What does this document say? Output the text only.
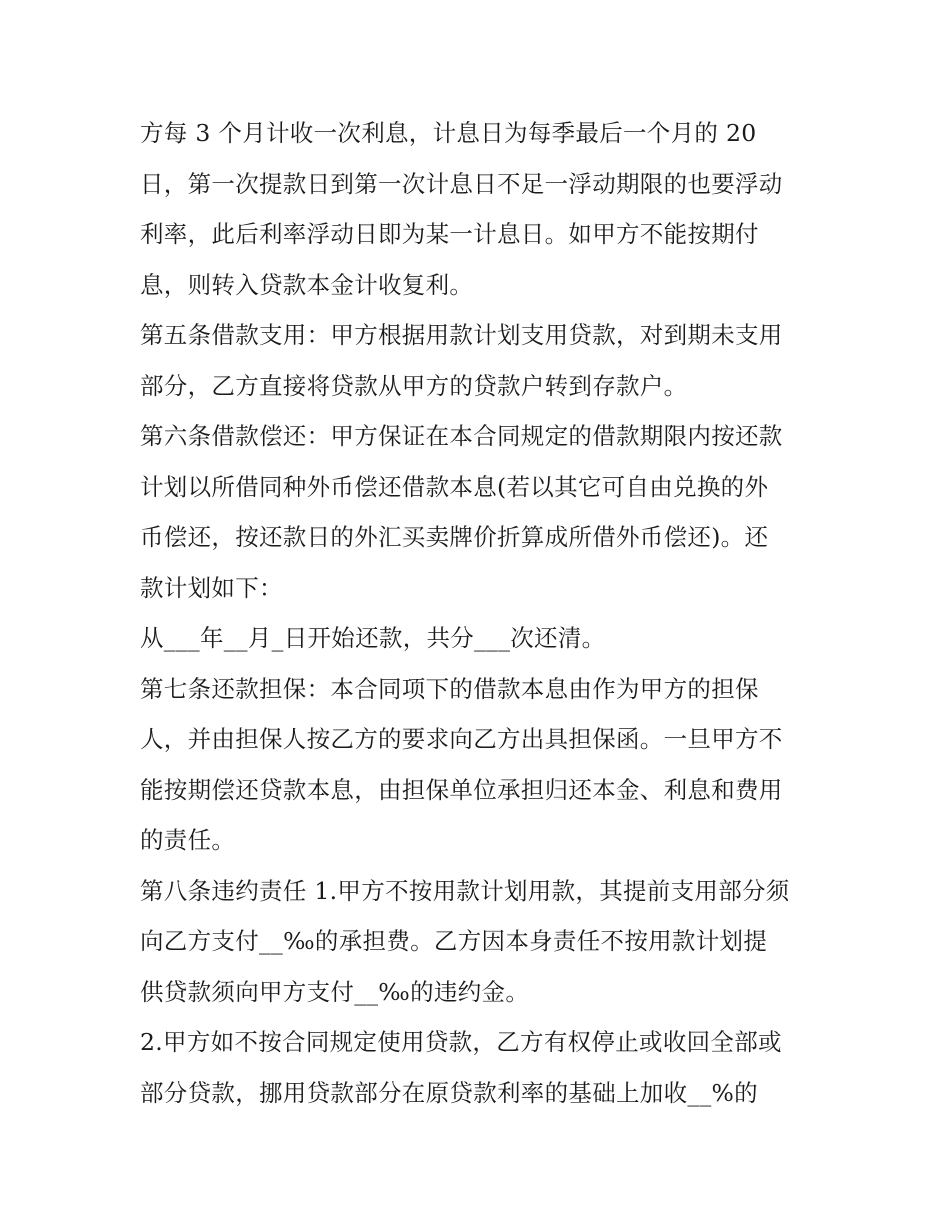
方每 3 个月计收一次利息，计息日为每季最后一个月的 20
日，第一次提款日到第一次计息日不足一浮动期限的也要浮动
利率，此后利率浮动日即为某一计息日。如甲方不能按期付
息，则转入贷款本金计收复利。
第五条借款支用：甲方根据用款计划支用贷款，对到期未支用
部分，乙方直接将贷款从甲方的贷款户转到存款户。
第六条借款偿还：甲方保证在本合同规定的借款期限内按还款
计划以所借同种外币偿还借款本息(若以其它可自由兑换的外
币偿还，按还款日的外汇买卖牌价折算成所借外币偿还)。还
款计划如下：
从___年__月_日开始还款，共分___次还清。
第七条还款担保：本合同项下的借款本息由作为甲方的担保
人，并由担保人按乙方的要求向乙方出具担保函。一旦甲方不
能按期偿还贷款本息，由担保单位承担归还本金、利息和费用
的责任。
第八条违约责任 1.甲方不按用款计划用款，其提前支用部分须
向乙方支付__‰的承担费。乙方因本身责任不按用款计划提
供贷款须向甲方支付__‰的违约金。
2.甲方如不按合同规定使用贷款，乙方有权停止或收回全部或
部分贷款，挪用贷款部分在原贷款利率的基础上加收__%的
